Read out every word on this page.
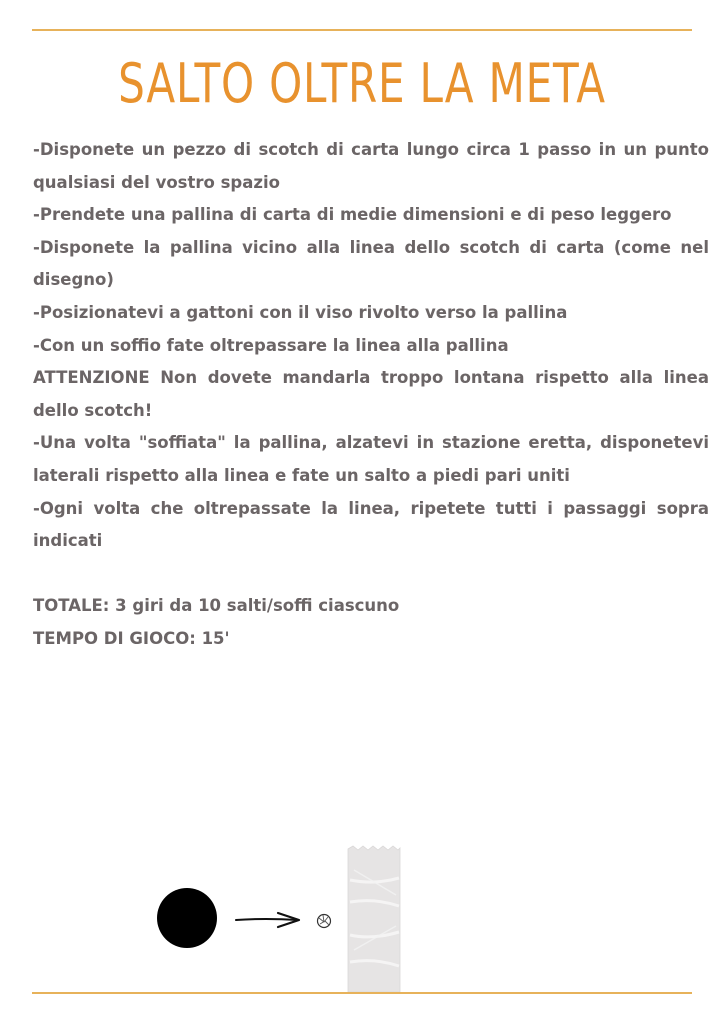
SALTO OLTRE LA META

-Disponete un pezzo di scotch di carta lungo circa 1 passo in un punto qualsiasi del vostro spazio

-Prendete una pallina di carta di medie dimensioni e di peso leggero

-Disponete la pallina vicino alla linea dello scotch di carta (come nel disegno)

-Posizionatevi a gattoni con il viso rivolto verso la pallina

-Con un soffio fate oltrepassare la linea alla pallina

ATTENZIONE Non dovete mandarla troppo lontana rispetto alla linea dello scotch!

-Una volta "soffiata" la pallina, alzatevi in stazione eretta, disponetevi laterali rispetto alla linea e fate un salto a piedi pari uniti

-Ogni volta che oltrepassate la linea, ripetete tutti i passaggi sopra indicati

TOTALE: 3 giri da 10 salti/soffi ciascuno

TEMPO DI GIOCO: 15'
